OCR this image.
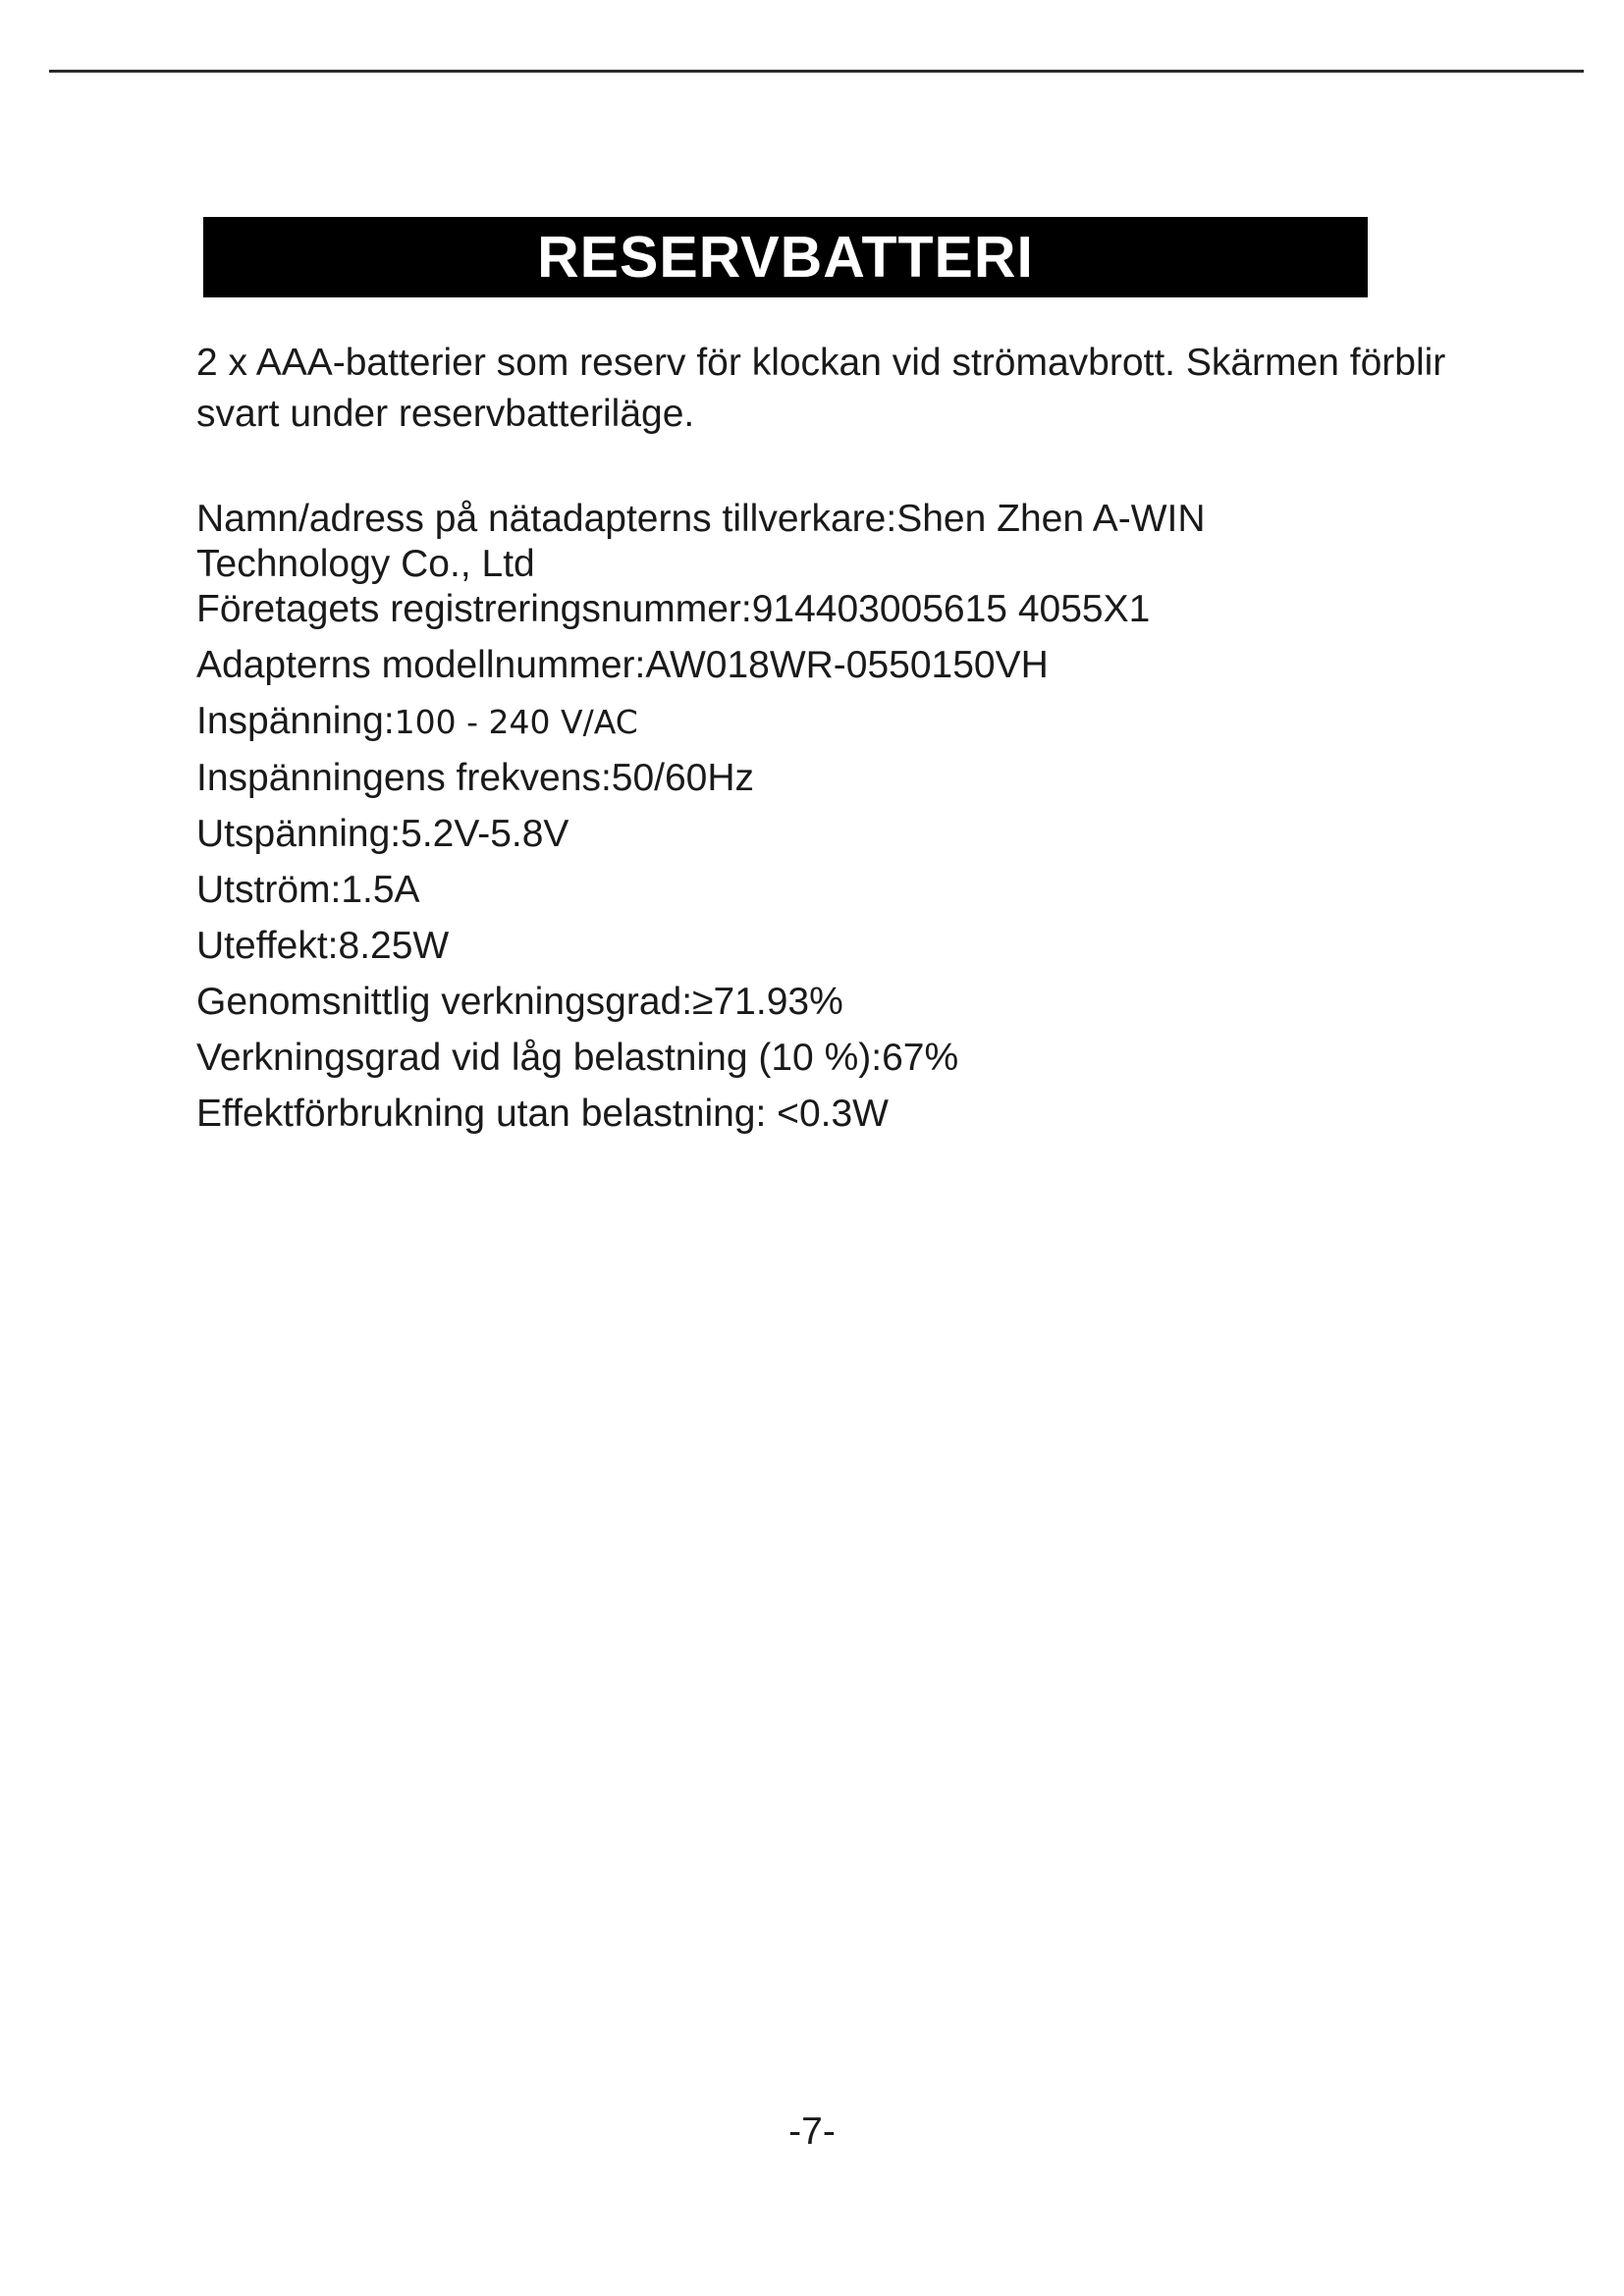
RESERVBATTERI

2 x AAA-batterier som reserv för klockan vid strömavbrott. Skärmen förblir svart under reservbatteriläge.

Namn/adress på nätadapterns tillverkare:Shen Zhen A-WIN
Technology Co., Ltd
Företagets registreringsnummer:914403005615 4055X1
Adapterns modellnummer:AW018WR-0550150VH
Inspänning:100 - 240 V/AC
Inspänningens frekvens:50/60Hz
Utspänning:5.2V-5.8V
Utström:1.5A
Uteffekt:8.25W
Genomsnittlig verkningsgrad:≥71.93%
Verkningsgrad vid låg belastning (10 %):67%
Effektförbrukning utan belastning: <0.3W
-7-
